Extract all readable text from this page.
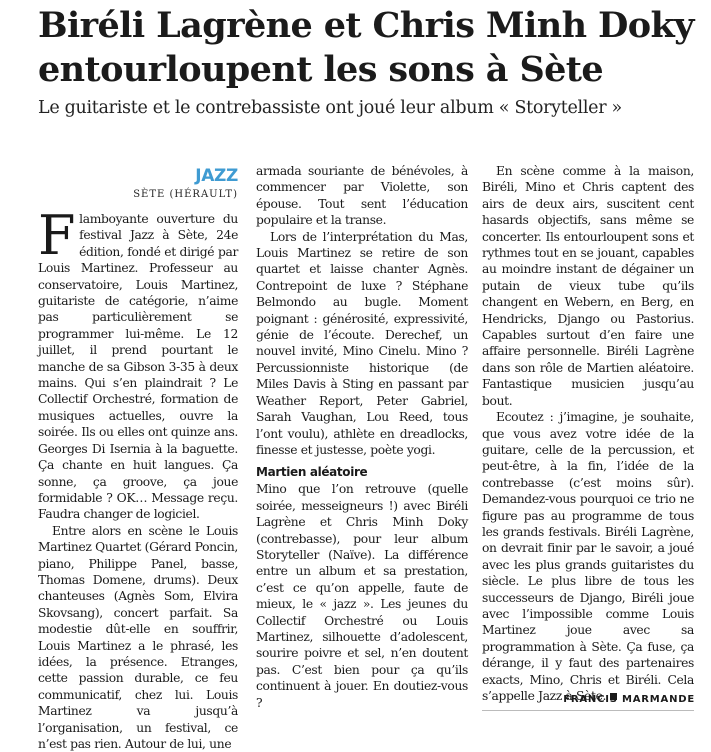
Biréli Lagrène et Chris Minh Doky
entourloupent les sons à Sète

Le guitariste et le contrebassiste ont joué leur album « Storyteller »

JAZZ
SÈTE (HÉRAULT)

Flamboyante ouverture du festival Jazz à Sète, 24e édition, fondé et dirigé par Louis Martinez. Professeur au conservatoire, Louis Martinez, guitariste de catégorie, n’aime pas particulièrement se programmer lui-même. Le 12 juillet, il prend pourtant le manche de sa Gibson 3-35 à deux mains. Qui s’en plaindrait ? Le Collectif Orchestré, formation de musiques actuelles, ouvre la soirée. Ils ou elles ont quinze ans. Georges Di Isernia à la baguette. Ça chante en huit langues. Ça sonne, ça groove, ça joue formidable ? OK… Message reçu. Faudra changer de logiciel.

Entre alors en scène le Louis Martinez Quartet (Gérard Poncin, piano, Philippe Panel, basse, Thomas Domene, drums). Deux chanteuses (Agnès Som, Elvira Skovsang), concert parfait. Sa modestie dût-elle en souffrir, Louis Martinez a le phrasé, les idées, la présence. Etranges, cette passion durable, ce feu communicatif, chez lui. Louis Martinez va jusqu’à l’organisation, un festival, ce n’est pas rien. Autour de lui, une

armada souriante de bénévoles, à commencer par Violette, son épouse. Tout sent l’éducation populaire et la transe.

Lors de l’interprétation du Mas, Louis Martinez se retire de son quartet et laisse chanter Agnès. Contrepoint de luxe ? Stéphane Belmondo au bugle. Moment poignant : générosité, expressivité, génie de l’écoute. Derechef, un nouvel invité, Mino Cinelu. Mino ? Percussionniste historique (de Miles Davis à Sting en passant par Weather Report, Peter Gabriel, Sarah Vaughan, Lou Reed, tous l’ont voulu), athlète en dreadlocks, finesse et justesse, poète yogi.

Martien aléatoire

Mino que l’on retrouve (quelle soirée, messeigneurs !) avec Biréli Lagrène et Chris Minh Doky (contrebasse), pour leur album Storyteller (Naïve). La différence entre un album et sa prestation, c’est ce qu’on appelle, faute de mieux, le « jazz ». Les jeunes du Collectif Orchestré ou Louis Martinez, silhouette d’adolescent, sourire poivre et sel, n’en doutent pas. C’est bien pour ça qu’ils continuent à jouer. En doutiez-vous ?

En scène comme à la maison, Biréli, Mino et Chris captent des airs de deux airs, suscitent cent hasards objectifs, sans même se concerter. Ils entourloupent sons et rythmes tout en se jouant, capables au moindre instant de dégainer un putain de vieux tube qu’ils changent en Webern, en Berg, en Hendricks, Django ou Pastorius. Capables surtout d’en faire une affaire personnelle. Biréli Lagrène dans son rôle de Martien aléatoire. Fantastique musicien jusqu’au bout.

Ecoutez : j’imagine, je souhaite, que vous avez votre idée de la guitare, celle de la percussion, et peut-être, à la fin, l’idée de la contrebasse (c’est moins sûr). Demandez-vous pourquoi ce trio ne figure pas au programme de tous les grands festivals. Biréli Lagrène, on devrait finir par le savoir, a joué avec les plus grands guitaristes du siècle. Le plus libre de tous les successeurs de Django, Biréli joue avec l’impossible comme Louis Martinez joue avec sa programmation à Sète. Ça fuse, ça dérange, il y faut des partenaires exacts, Mino, Chris et Biréli. Cela s’appelle Jazz à Sète.

FRANCIS MARMANDE
